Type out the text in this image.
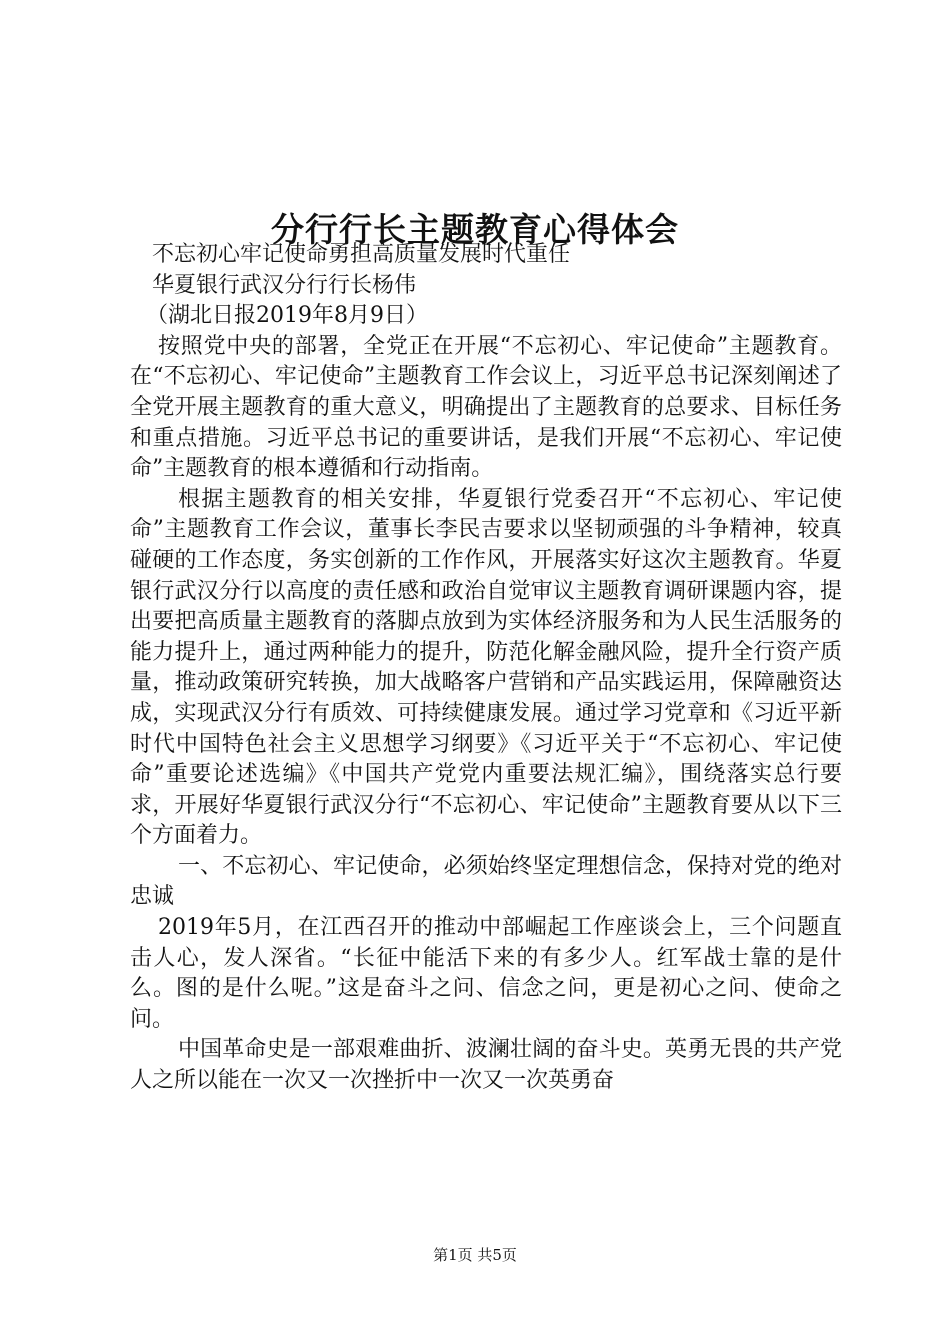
分行行长主题教育心得体会

不忘初心牢记使命勇担高质量发展时代重任

华夏银行武汉分行行长杨伟

（湖北日报2019年8月9日）

按照党中央的部署，全党正在开展“不忘初心、牢记使命”主题教育。在“不忘初心、牢记使命”主题教育工作会议上，习近平总书记深刻阐述了全党开展主题教育的重大意义，明确提出了主题教育的总要求、目标任务和重点措施。习近平总书记的重要讲话，是我们开展“不忘初心、牢记使命”主题教育的根本遵循和行动指南。

根据主题教育的相关安排，华夏银行党委召开“不忘初心、牢记使命”主题教育工作会议，董事长李民吉要求以坚韧顽强的斗争精神，较真碰硬的工作态度，务实创新的工作作风，开展落实好这次主题教育。华夏银行武汉分行以高度的责任感和政治自觉审议主题教育调研课题内容，提出要把高质量主题教育的落脚点放到为实体经济服务和为人民生活服务的能力提升上，通过两种能力的提升，防范化解金融风险，提升全行资产质量，推动政策研究转换，加大战略客户营销和产品实践运用，保障融资达成，实现武汉分行有质效、可持续健康发展。通过学习党章和《习近平新时代中国特色社会主义思想学习纲要》《习近平关于“不忘初心、牢记使命”重要论述选编》《中国共产党党内重要法规汇编》，围绕落实总行要求，开展好华夏银行武汉分行“不忘初心、牢记使命”主题教育要从以下三个方面着力。

一、不忘初心、牢记使命，必须始终坚定理想信念，保持对党的绝对忠诚

2019年5月，在江西召开的推动中部崛起工作座谈会上，三个问题直击人心，发人深省。“长征中能活下来的有多少人。红军战士靠的是什么。图的是什么呢。”这是奋斗之问、信念之问，更是初心之问、使命之问。

中国革命史是一部艰难曲折、波澜壮阔的奋斗史。英勇无畏的共产党人之所以能在一次又一次挫折中一次又一次英勇奋

第1页 共5页
